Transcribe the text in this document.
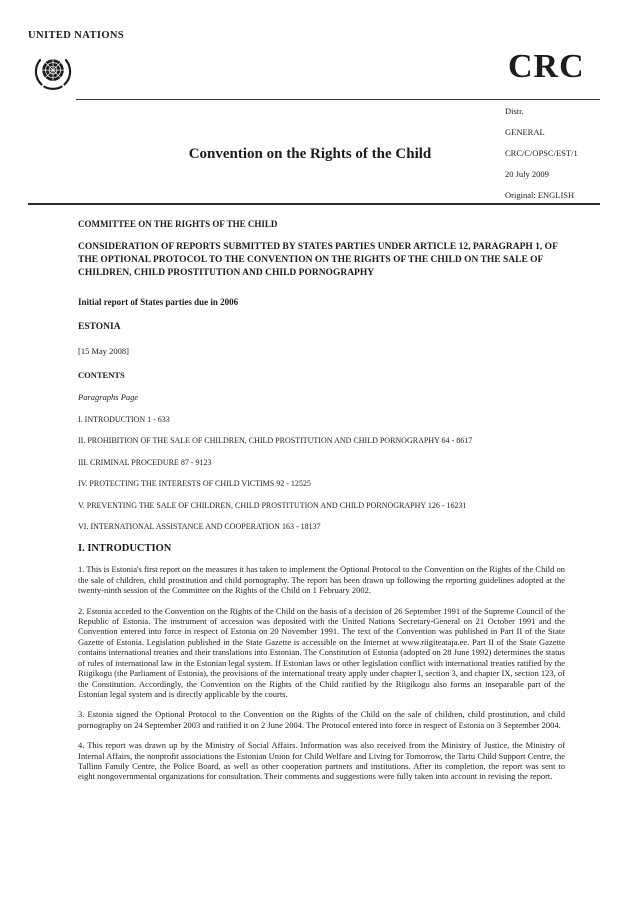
UNITED NATIONS
CRC
Convention on the Rights of the Child
Distr.
GENERAL
CRC/C/OPSC/EST/1
20 July 2009
Original: ENGLISH
COMMITTEE ON THE RIGHTS OF THE CHILD
CONSIDERATION OF REPORTS SUBMITTED BY STATES PARTIES UNDER ARTICLE 12, PARAGRAPH 1, OF THE OPTIONAL PROTOCOL TO THE CONVENTION ON THE RIGHTS OF THE CHILD ON THE SALE OF CHILDREN, CHILD PROSTITUTION AND CHILD PORNOGRAPHY
Initial report of States parties due in 2006
ESTONIA
[15 May 2008]
CONTENTS
Paragraphs Page
I. INTRODUCTION 1 - 633
II. PROHIBITION OF THE SALE OF CHILDREN, CHILD PROSTITUTION AND CHILD PORNOGRAPHY 64 - 8617
III. CRIMINAL PROCEDURE 87 - 9123
IV. PROTECTING THE INTERESTS OF CHILD VICTIMS 92 - 12525
V. PREVENTING THE SALE OF CHILDREN, CHILD PROSTITUTION AND CHILD PORNOGRAPHY 126 - 16231
VI. INTERNATIONAL ASSISTANCE AND COOPERATION 163 - 18137
I. INTRODUCTION

1. This is Estonia's first report on the measures it has taken to implement the Optional Protocol to the Convention on the Rights of the Child on the sale of children, child prostitution and child pornography. The report has been drawn up following the reporting guidelines adopted at the twenty-ninth session of the Committee on the Rights of the Child on 1 February 2002.

2. Estonia acceded to the Convention on the Rights of the Child on the basis of a decision of 26 September 1991 of the Supreme Council of the Republic of Estonia. The instrument of accession was deposited with the United Nations Secretary-General on 21 October 1991 and the Convention entered into force in respect of Estonia on 20 November 1991. The text of the Convention was published in Part II of the State Gazette of Estonia. Legislation published in the State Gazette is accessible on the Internet at www.riigiteataja.ee. Part II of the State Gazette contains international treaties and their translations into Estonian. The Constitution of Estonia (adopted on 28 June 1992) determines the status of rules of international law in the Estonian legal system. If Estonian laws or other legislation conflict with international treaties ratified by the Riigikogu (the Parliament of Estonia), the provisions of the international treaty apply under chapter I, section 3, and chapter IX, section 123, of the Constitution. Accordingly, the Convention on the Rights of the Child ratified by the Riigikogu also forms an inseparable part of the Estonian legal system and is directly applicable by the courts.

3. Estonia signed the Optional Protocol to the Convention on the Rights of the Child on the sale of children, child prostitution, and child pornography on 24 September 2003 and ratified it on 2 June 2004. The Protocol entered into force in respect of Estonia on 3 September 2004.

4. This report was drawn up by the Ministry of Social Affairs. Information was also received from the Ministry of Justice, the Ministry of Internal Affairs, the nonprofit associations the Estonian Union for Child Welfare and Living for Tomorrow, the Tartu Child Support Centre, the Tallinn Family Centre, the Police Board, as well as other cooperation partners and institutions. After its completion, the report was sent to eight nongovernmental organizations for consultation. Their comments and suggestions were fully taken into account in revising the report.
